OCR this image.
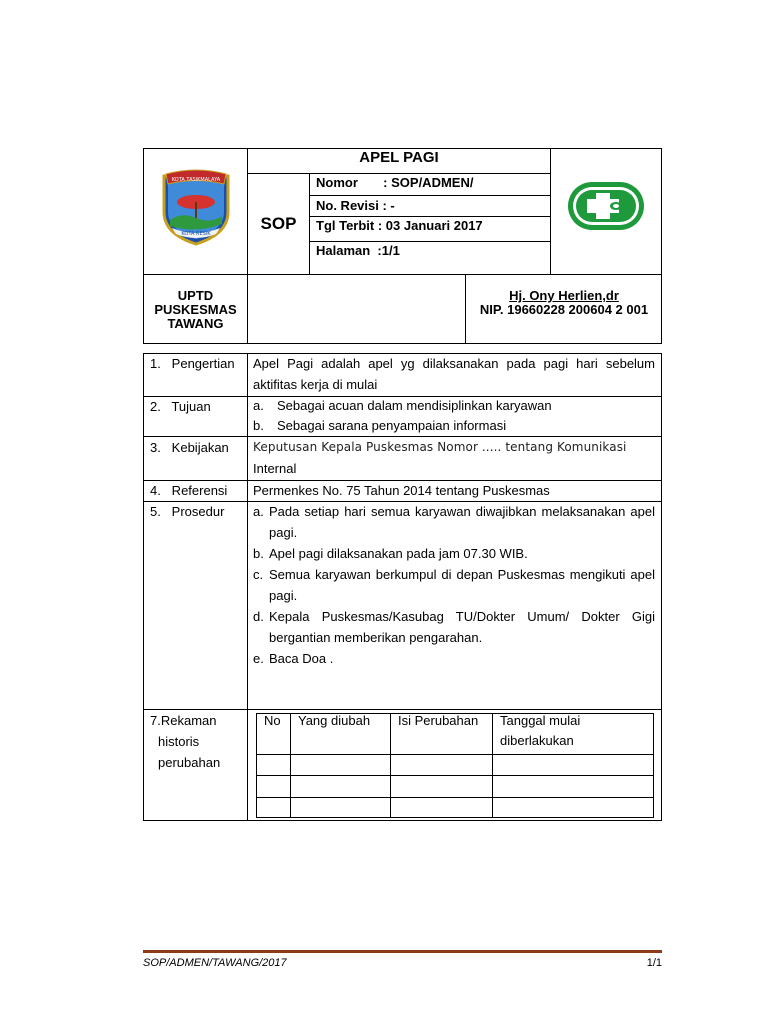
KOTA TASIKMALAYA
KOTA RESIK
APEL PAGI
SOP
Nomor       : SOP/ADMEN/
No. Revisi : -
Tgl Terbit : 03 Januari 2017
Halaman  :1/1
UPTD
PUSKESMAS
TAWANG
Hj. Ony Herlien,dr
NIP. 19660228 200604 2 001
1.   Pengertian	Apel Pagi adalah apel yg dilaksanakan pada pagi hari sebelum aktifitas kerja di mulai
2.   Tujuan	a.	Sebagai acuan dalam mendisiplinkan karyawan
b.	Sebagai sarana penyampaian informasi
3.   Kebijakan	Keputusan Kepala Puskesmas Nomor ..... tentang Komunikasi
Internal
4.   Referensi	Permenkes No. 75 Tahun 2014 tentang Puskesmas
5.   Prosedur	a. Pada setiap hari semua karyawan diwajibkan melaksanakan apel pagi.
b. Apel pagi dilaksanakan pada jam 07.30 WIB.
c. Semua karyawan berkumpul di depan Puskesmas mengikuti apel pagi.
d. Kepala Puskesmas/Kasubag TU/Dokter Umum/ Dokter Gigi bergantian memberikan pengarahan.
e. Baca Doa .
7.Rekaman
historis
perubahan
No	Yang diubah	Isi Perubahan	Tanggal mulai diberlakukan
SOP/ADMEN/TAWANG/2017	1/1
